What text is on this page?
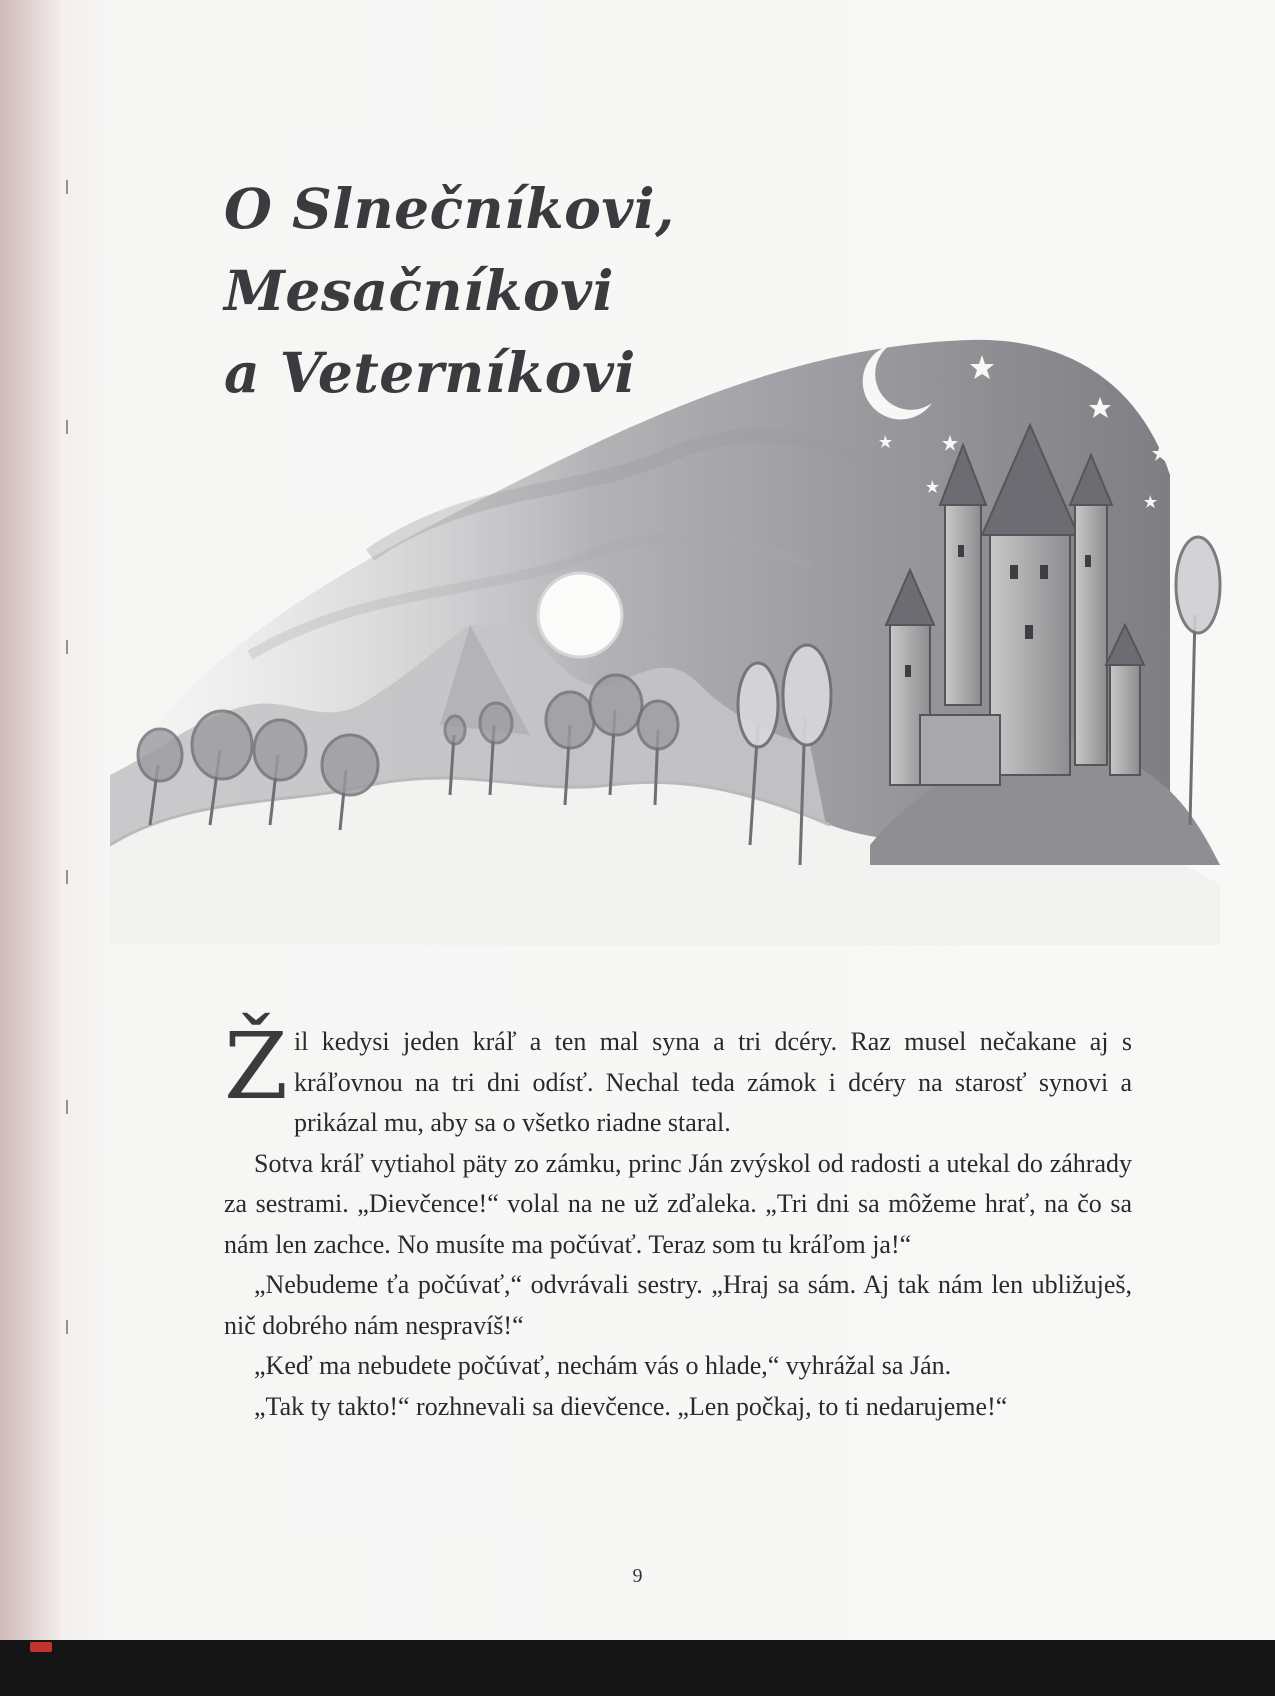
O Slnečníkovi,
Mesačníkovi
a Veterníkovi

Žil kedysi jeden kráľ a ten mal syna a tri dcéry. Raz musel nečakane aj s kráľovnou na tri dni odísť. Nechal teda zámok i dcéry na starosť synovi a prikázal mu, aby sa o všetko riadne staral.

Sotva kráľ vytiahol päty zo zámku, princ Ján zvýskol od radosti a utekal do záhrady za sestrami. „Dievčence!“ volal na ne už zďaleka. „Tri dni sa môžeme hrať, na čo sa nám len zachce. No musíte ma počúvať. Teraz som tu kráľom ja!“

„Nebudeme ťa počúvať,“ odvrávali sestry. „Hraj sa sám. Aj tak nám len ubližuješ, nič dobrého nám nespravíš!“

„Keď ma nebudete počúvať, nechám vás o hlade,“ vyhrážal sa Ján.

„Tak ty takto!“ rozhnevali sa dievčence. „Len počkaj, to ti nedarujeme!“

9
